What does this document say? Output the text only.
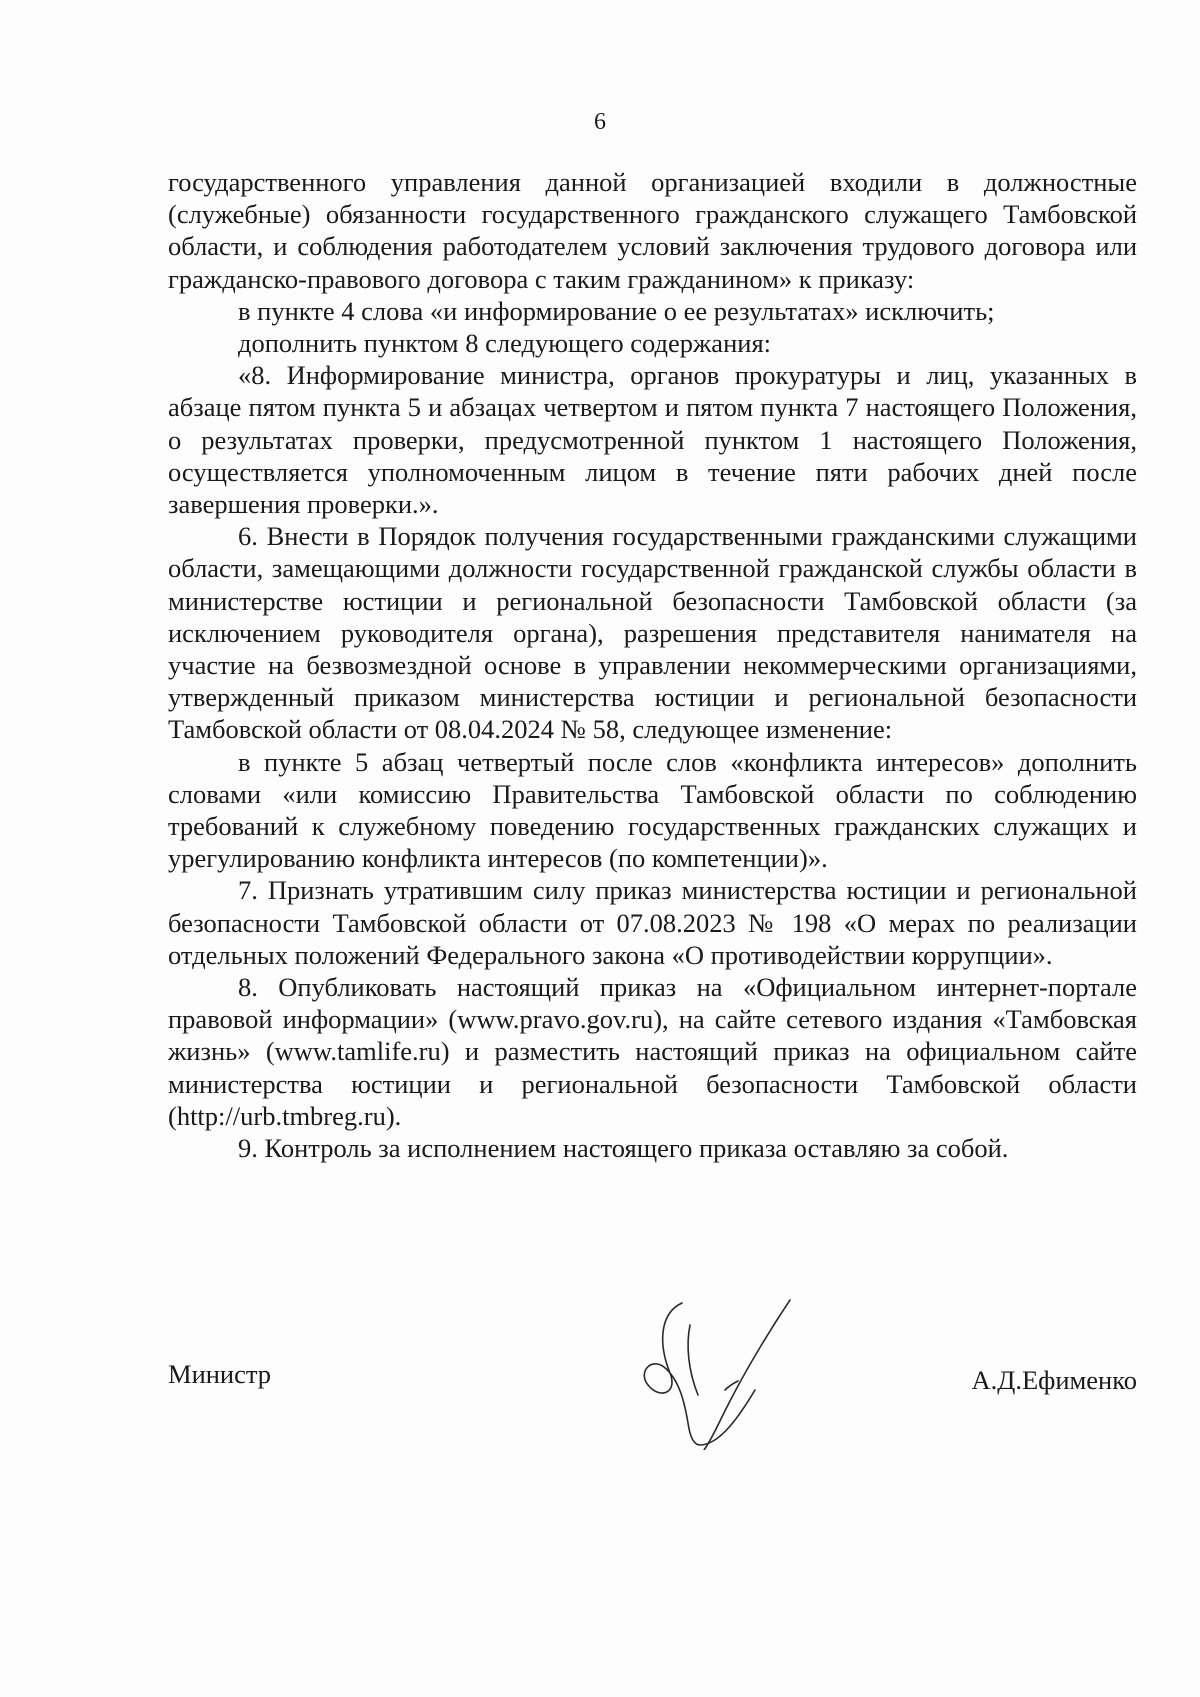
6

государственного управления данной организацией входили в должностные (служебные) обязанности государственного гражданского служащего Тамбовской области, и соблюдения работодателем условий заключения трудового договора или гражданско-правового договора с таким гражданином» к приказу:

в пункте 4 слова «и информирование о ее результатах» исключить;

дополнить пунктом 8 следующего содержания:

«8. Информирование министра, органов прокуратуры и лиц, указанных в абзаце пятом пункта 5 и абзацах четвертом и пятом пункта 7 настоящего Положения, о результатах проверки, предусмотренной пунктом 1 настоящего Положения, осуществляется уполномоченным лицом в течение пяти рабочих дней после завершения проверки.».

6. Внести в Порядок получения государственными гражданскими служащими области, замещающими должности государственной гражданской службы области в министерстве юстиции и региональной безопасности Тамбовской области (за исключением руководителя органа), разрешения представителя нанимателя на участие на безвозмездной основе в управлении некоммерческими организациями, утвержденный приказом министерства юстиции и региональной безопасности Тамбовской области от 08.04.2024 № 58, следующее изменение:

в пункте 5 абзац четвертый после слов «конфликта интересов» дополнить словами «или комиссию Правительства Тамбовской области по соблюдению требований к служебному поведению государственных гражданских служащих и урегулированию конфликта интересов (по компетенции)».

7. Признать утратившим силу приказ министерства юстиции и региональной безопасности Тамбовской области от 07.08.2023 № 198 «О мерах по реализации отдельных положений Федерального закона «О противодействии коррупции».

8. Опубликовать настоящий приказ на «Официальном интернет-портале правовой информации» (www.pravo.gov.ru), на сайте сетевого издания «Тамбовская жизнь» (www.tamlife.ru) и разместить настоящий приказ на официальном сайте министерства юстиции и региональной безопасности Тамбовской области (http://urb.tmbreg.ru).

9. Контроль за исполнением настоящего приказа оставляю за собой.

Министр	А.Д.Ефименко
